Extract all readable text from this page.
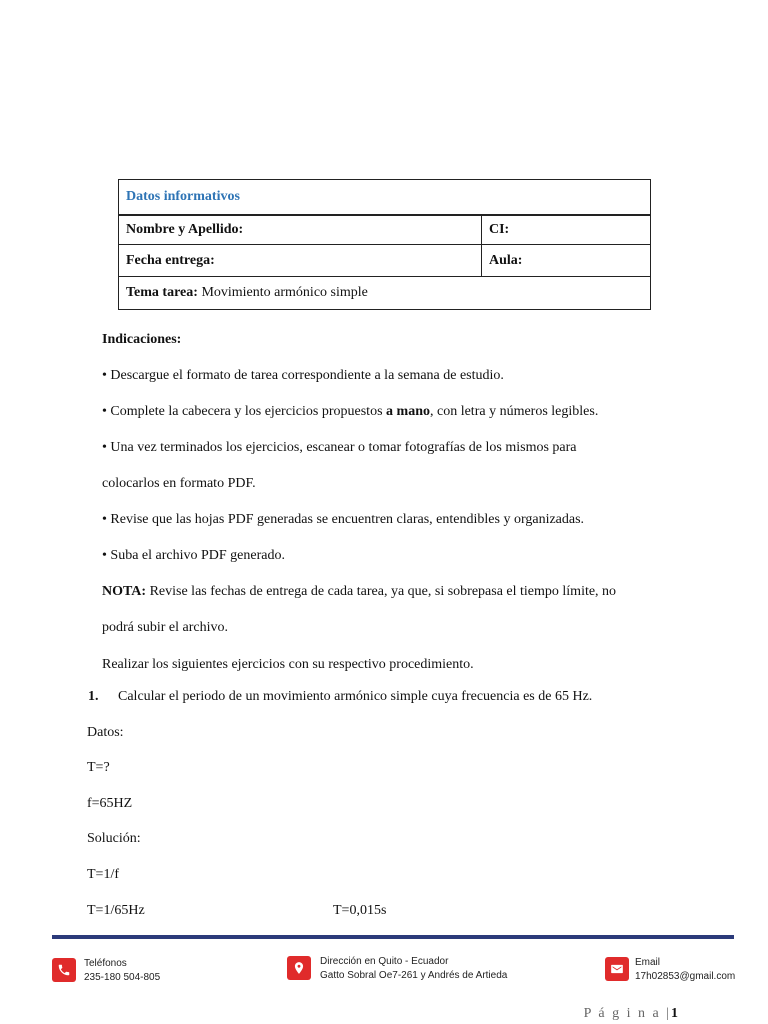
Datos informativos	
Nombre y Apellido:	CI:
Fecha entrega:	Aula:
Tema tarea: Movimiento armónico simple	
Indicaciones:
• Descargue el formato de tarea correspondiente a la semana de estudio.
• Complete la cabecera y los ejercicios propuestos a mano, con letra y números legibles.
• Una vez terminados los ejercicios, escanear o tomar fotografías de los mismos para
colocarlos en formato PDF.
• Revise que las hojas PDF generadas se encuentren claras, entendibles y organizadas.
• Suba el archivo PDF generado.
NOTA: Revise las fechas de entrega de cada tarea, ya que, si sobrepasa el tiempo límite, no
podrá subir el archivo.
Realizar los siguientes ejercicios con su respectivo procedimiento.
1. Calcular el periodo de un movimiento armónico simple cuya frecuencia es de 65 Hz.
Datos:
T=?
f=65HZ
Solución:
T=1/f
T=1/65Hz	T=0,015s
Teléfonos
235-180 504-805
Dirección en Quito - Ecuador
Gatto Sobral Oe7-261 y Andrés de Artieda
Email
17h02853@gmail.com
P á g i n a |1
